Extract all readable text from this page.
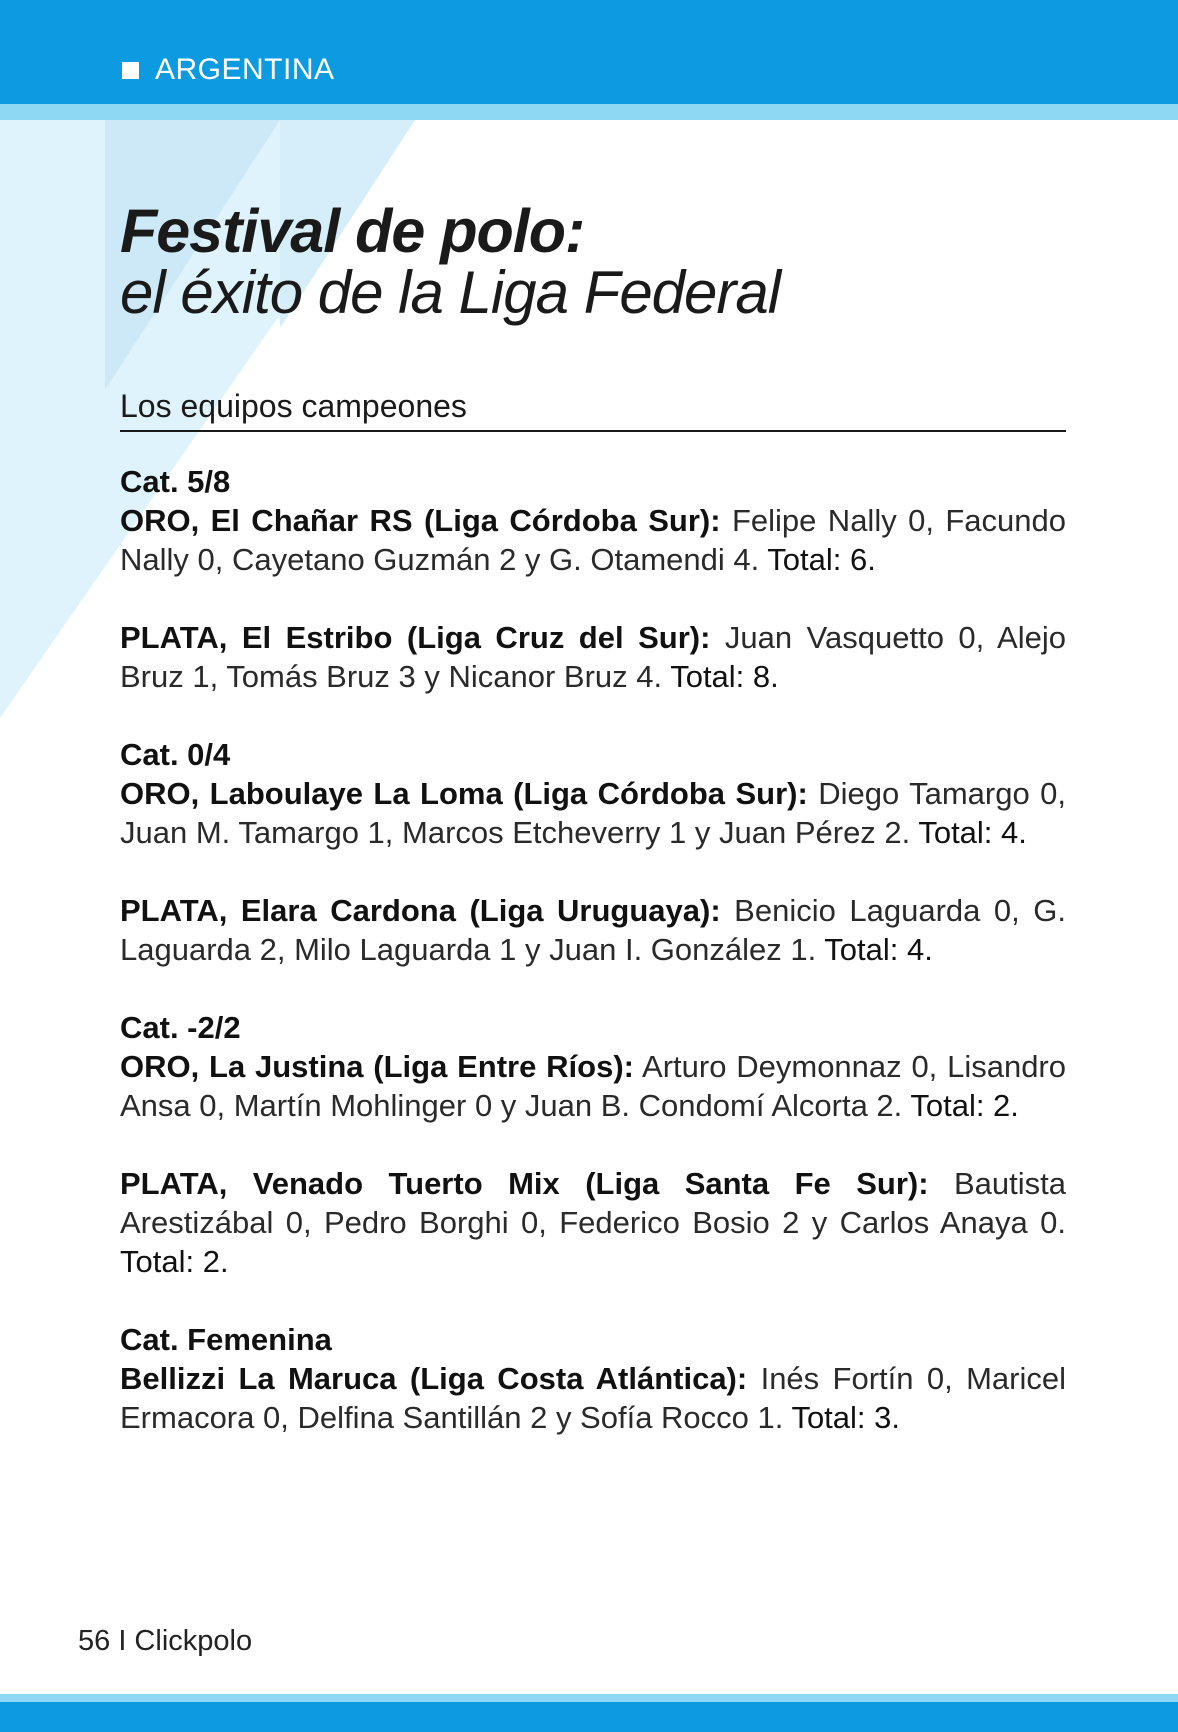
ARGENTINA
Festival de polo:
el éxito de la Liga Federal
Los equipos campeones

Cat. 5/8

ORO, El Chañar RS (Liga Córdoba Sur): Felipe Nally 0, Facundo Nally 0, Cayetano Guzmán 2 y G. Otamendi 4. Total: 6.

PLATA, El Estribo (Liga Cruz del Sur): Juan Vasquetto 0, Alejo Bruz 1, Tomás Bruz 3 y Nicanor Bruz 4. Total: 8.

Cat. 0/4

ORO, Laboulaye La Loma (Liga Córdoba Sur): Diego Tamargo 0, Juan M. Tamargo 1, Marcos Etcheverry 1 y Juan Pérez 2. Total: 4.

PLATA, Elara Cardona (Liga Uruguaya): Benicio Laguarda 0, G. Laguarda 2, Milo Laguarda 1 y Juan I. González 1. Total: 4.

Cat. -2/2

ORO, La Justina (Liga Entre Ríos): Arturo Deymonnaz 0, Lisandro Ansa 0, Martín Mohlinger 0 y Juan B. Condomí Alcorta 2. Total: 2.

PLATA, Venado Tuerto Mix (Liga Santa Fe Sur): Bautista Arestizábal 0, Pedro Borghi 0, Federico Bosio 2 y Carlos Anaya 0. Total: 2.

Cat. Femenina

Bellizzi La Maruca (Liga Costa Atlántica): Inés Fortín 0, Maricel Ermacora 0, Delfina Santillán 2 y Sofía Rocco 1. Total: 3.

56 I Clickpolo
